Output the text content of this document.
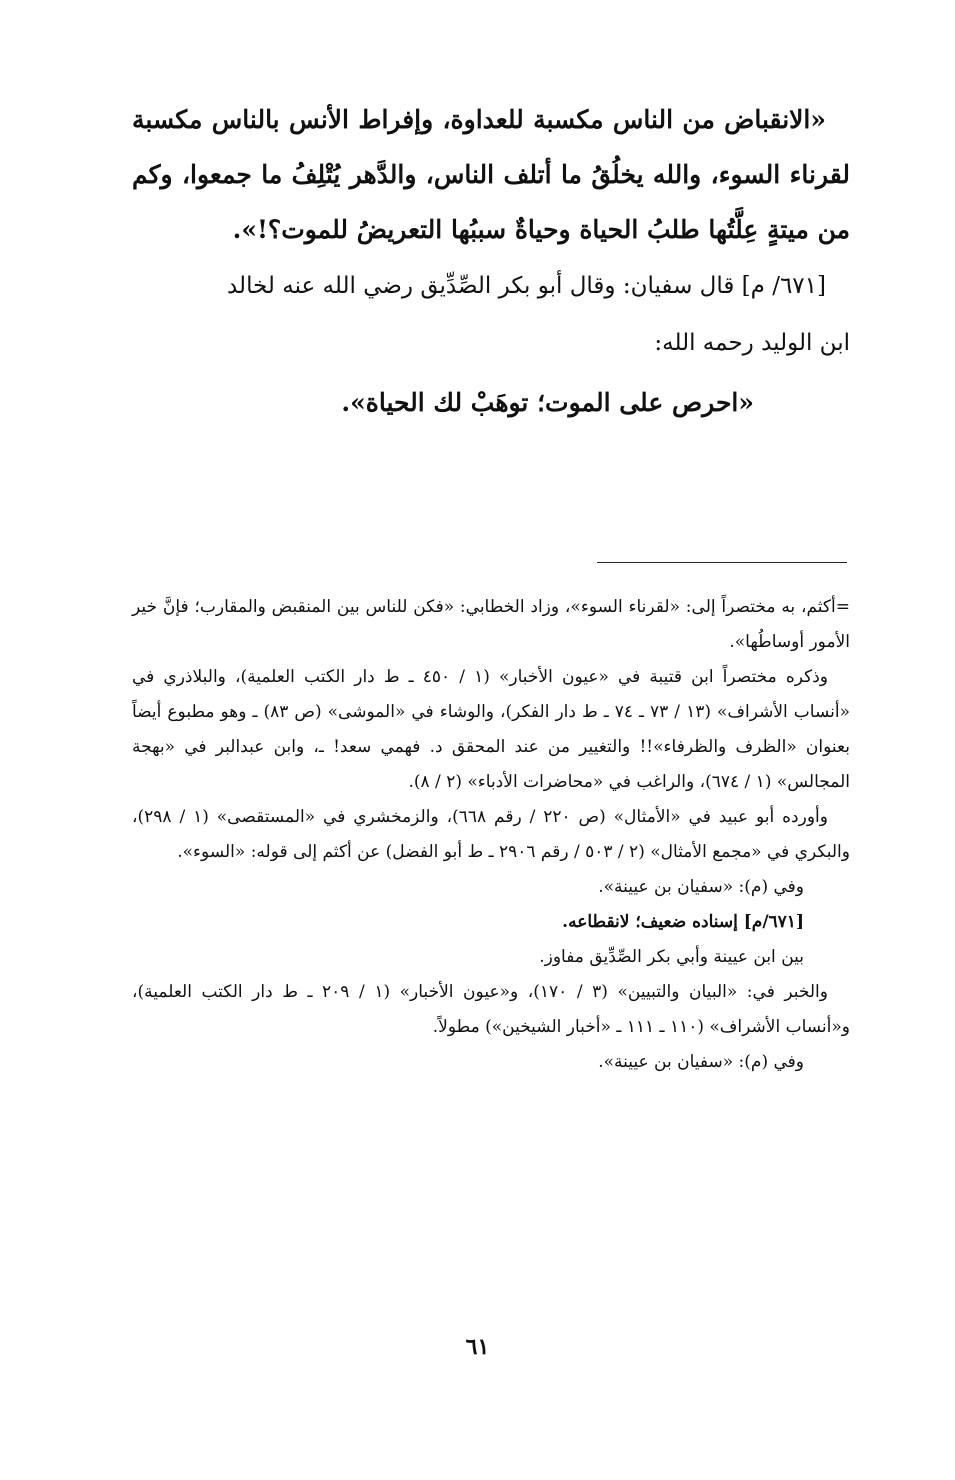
«الانقباض من الناس مكسبة للعداوة، وإفراط الأنس بالناس مكسبة لقرناء السوء، والله يخلُقُ ما أتلف الناس، والدَّهر يُتْلِفُ ما جمعوا، وكم من ميتةٍ عِلَّتُها طلبُ الحياة وحياةٌ سببُها التعريضُ للموت؟!».

[٦٧١/ م] قال سفيان: وقال أبو بكر الصِّدِّيق رضي الله عنه لخالد

ابن الوليد رحمه الله:

«احرص على الموت؛ توهَبْ لك الحياة».

=أكثم، به مختصراً إلى: «لقرناء السوء»، وزاد الخطابي: «فكن للناس بين المنقبض والمقارب؛ فإنَّ خير الأمور أوساطُها».

وذكره مختصراً ابن قتيبة في «عيون الأخبار» (١ / ٤٥٠ ـ ط دار الكتب العلمية)، والبلاذري في «أنساب الأشراف» (١٣ / ٧٣ ـ ٧٤ ـ ط دار الفكر)، والوشاء في «الموشى» (ص ٨٣) ـ وهو مطبوع أيضاً بعنوان «الظرف والظرفاء»!! والتغيير من عند المحقق د. فهمي سعد! ـ، وابن عبدالبر في «بهجة المجالس» (١ / ٦٧٤)، والراغب في «محاضرات الأدباء» (٢ / ٨).

وأورده أبو عبيد في «الأمثال» (ص ٢٢٠ / رقم ٦٦٨)، والزمخشري في «المستقصى» (١ / ٢٩٨)، والبكري في «مجمع الأمثال» (٢ / ٥٠٣ / رقم ٢٩٠٦ ـ ط أبو الفضل) عن أكثم إلى قوله: «السوء».

وفي (م): «سفيان بن عيينة».

[٦٧١/م] إسناده ضعيف؛ لانقطاعه.

بين ابن عيينة وأبي بكر الصِّدِّيق مفاوز.

والخبر في: «البيان والتبيين» (٣ / ١٧٠)، و«عيون الأخبار» (١ / ٢٠٩ ـ ط دار الكتب العلمية)، و«أنساب الأشراف» (١١٠ ـ ١١١ ـ «أخبار الشيخين») مطولاً.

وفي (م): «سفيان بن عيينة».

٦١
